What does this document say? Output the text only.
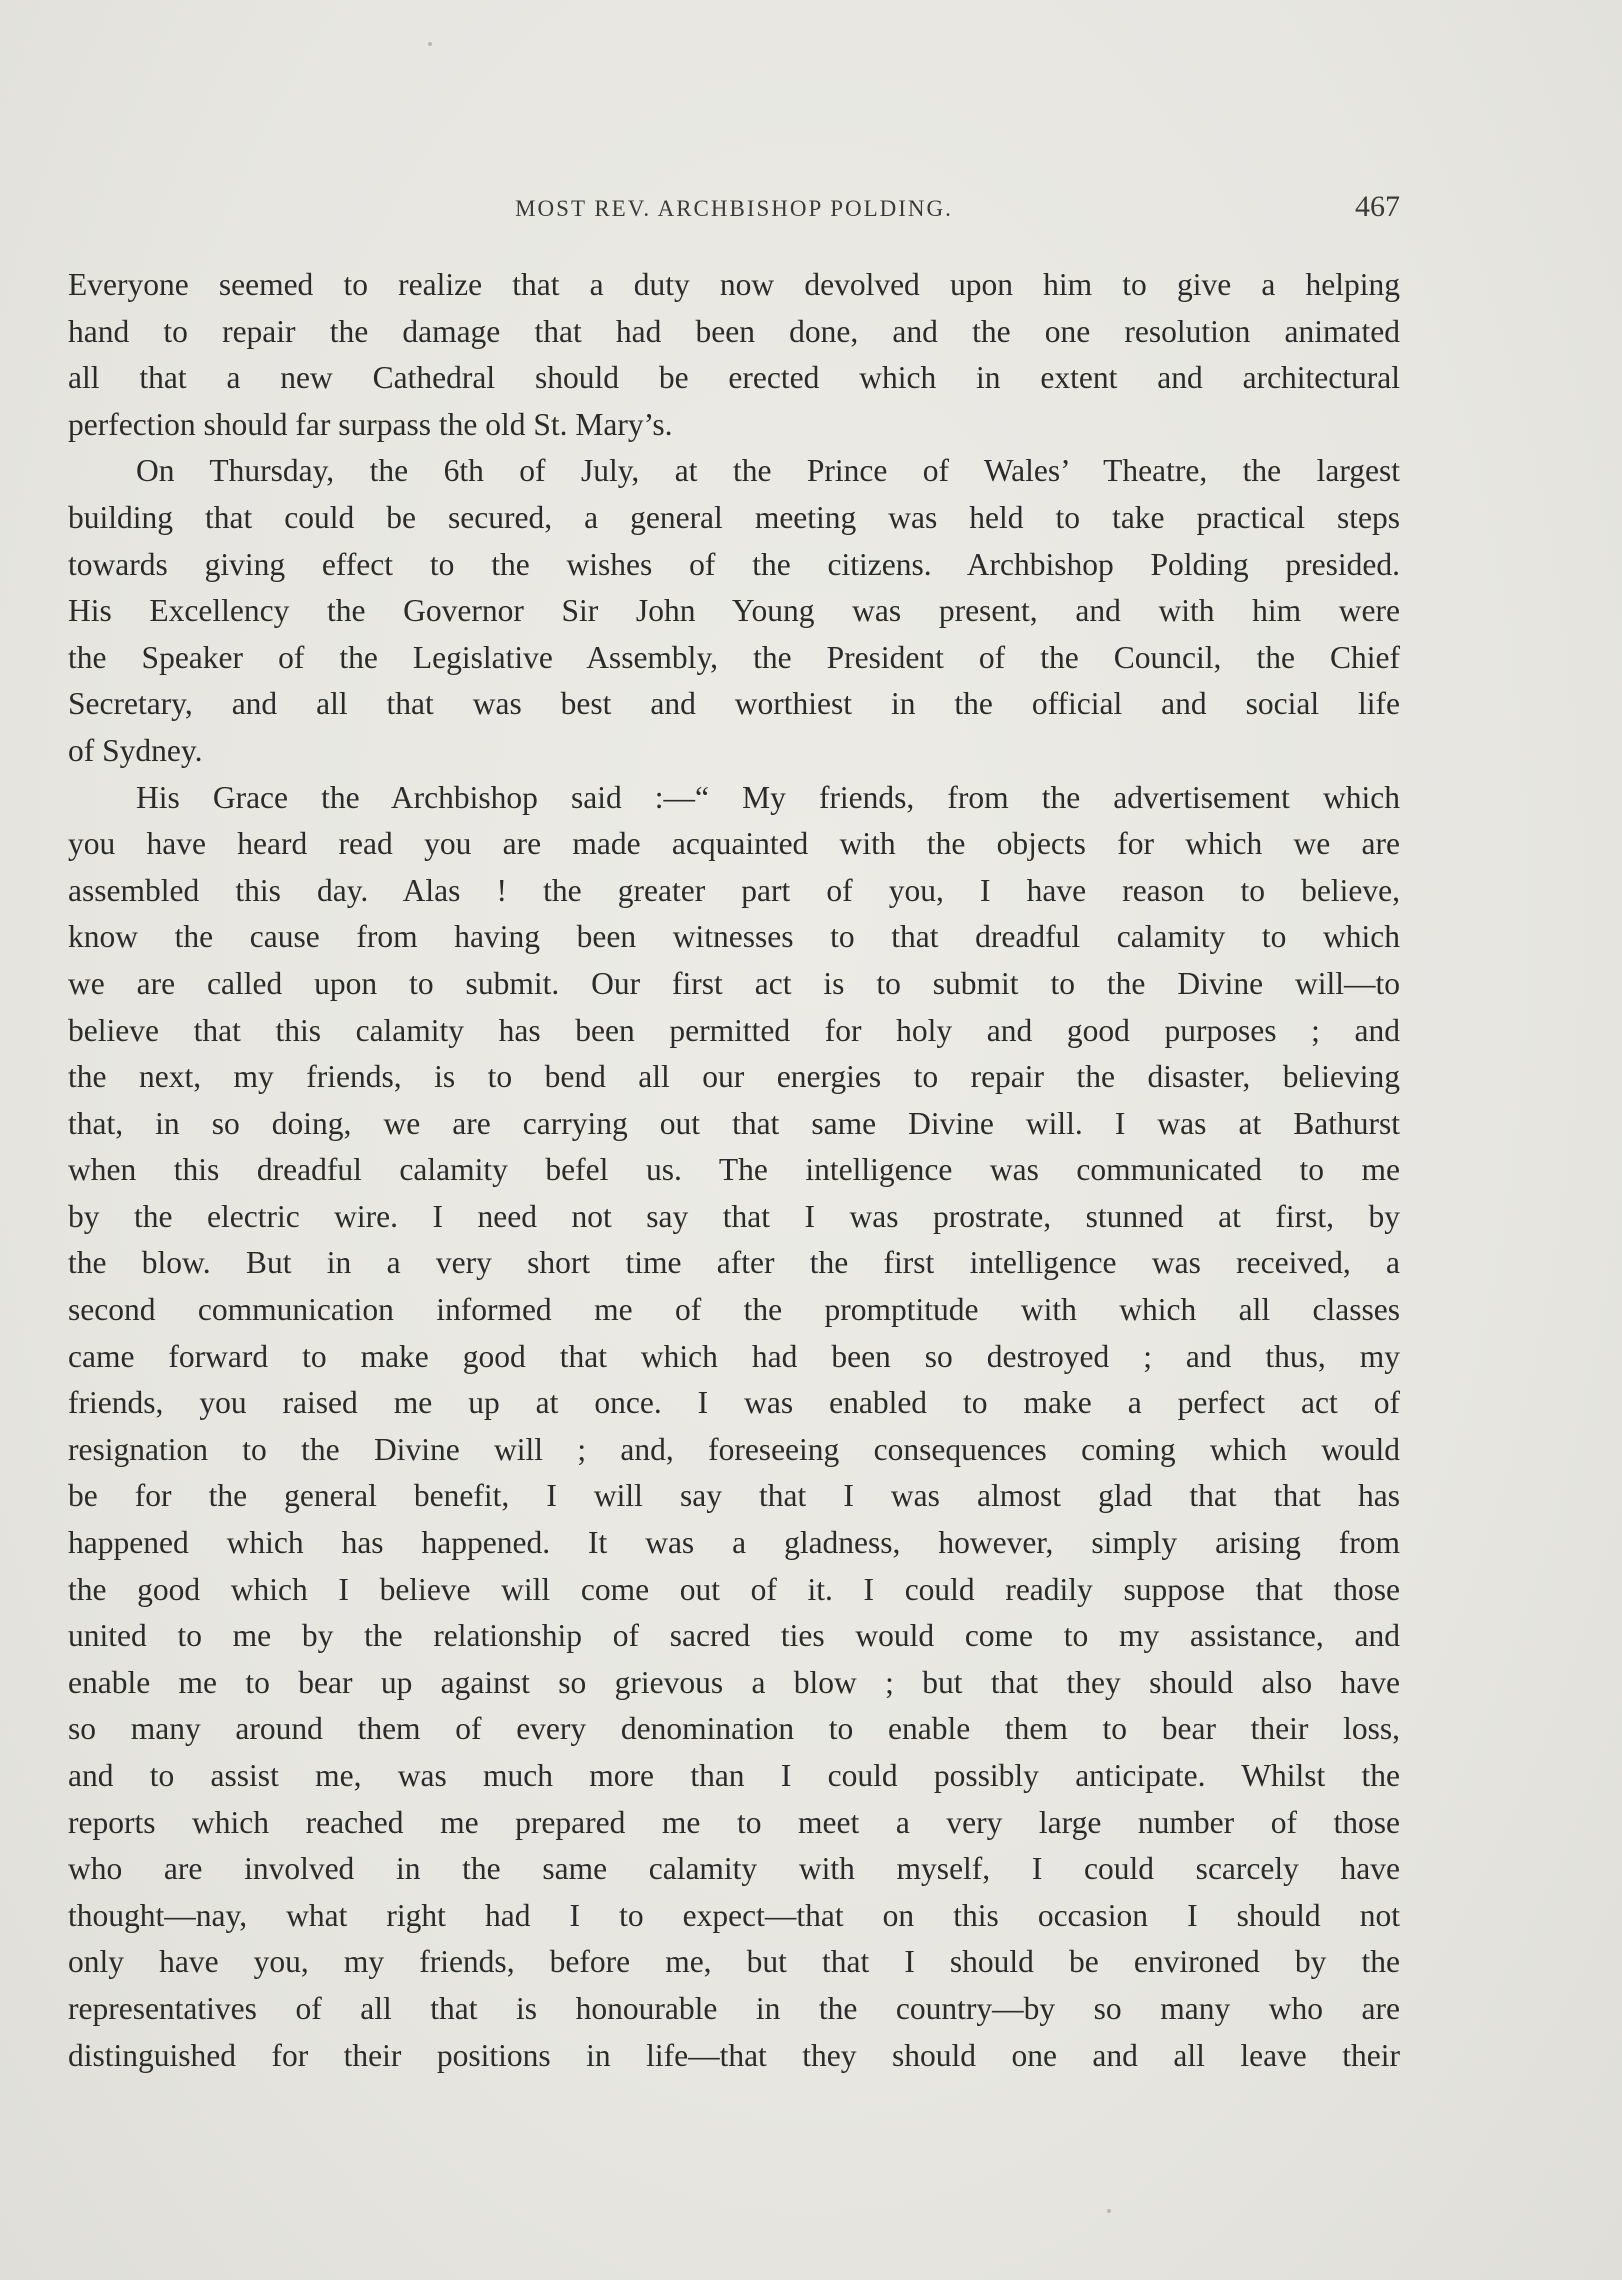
MOST REV. ARCHBISHOP POLDING.	467
Everyone seemed to realize that a duty now devolved upon him to give a helping
hand to repair the damage that had been done, and the one resolution animated
all that a new Cathedral should be erected which in extent and architectural
perfection should far surpass the old St. Mary’s.
On Thursday, the 6th of July, at the Prince of Wales’ Theatre, the largest
building that could be secured, a general meeting was held to take practical steps
towards giving effect to the wishes of the citizens. Archbishop Polding presided.
His Excellency the Governor Sir John Young was present, and with him were
the Speaker of the Legislative Assembly, the President of the Council, the Chief
Secretary, and all that was best and worthiest in the official and social life
of Sydney.
His Grace the Archbishop said :—“ My friends, from the advertisement which
you have heard read you are made acquainted with the objects for which we are
assembled this day. Alas ! the greater part of you, I have reason to believe,
know the cause from having been witnesses to that dreadful calamity to which
we are called upon to submit. Our first act is to submit to the Divine will—to
believe that this calamity has been permitted for holy and good purposes ; and
the next, my friends, is to bend all our energies to repair the disaster, believing
that, in so doing, we are carrying out that same Divine will. I was at Bathurst
when this dreadful calamity befel us. The intelligence was communicated to me
by the electric wire. I need not say that I was prostrate, stunned at first, by
the blow. But in a very short time after the first intelligence was received, a
second communication informed me of the promptitude with which all classes
came forward to make good that which had been so destroyed ; and thus, my
friends, you raised me up at once. I was enabled to make a perfect act of
resignation to the Divine will ; and, foreseeing consequences coming which would
be for the general benefit, I will say that I was almost glad that that has
happened which has happened. It was a gladness, however, simply arising from
the good which I believe will come out of it. I could readily suppose that those
united to me by the relationship of sacred ties would come to my assistance, and
enable me to bear up against so grievous a blow ; but that they should also have
so many around them of every denomination to enable them to bear their loss,
and to assist me, was much more than I could possibly anticipate. Whilst the
reports which reached me prepared me to meet a very large number of those
who are involved in the same calamity with myself, I could scarcely have
thought—nay, what right had I to expect—that on this occasion I should not
only have you, my friends, before me, but that I should be environed by the
representatives of all that is honourable in the country—by so many who are
distinguished for their positions in life—that they should one and all leave their
